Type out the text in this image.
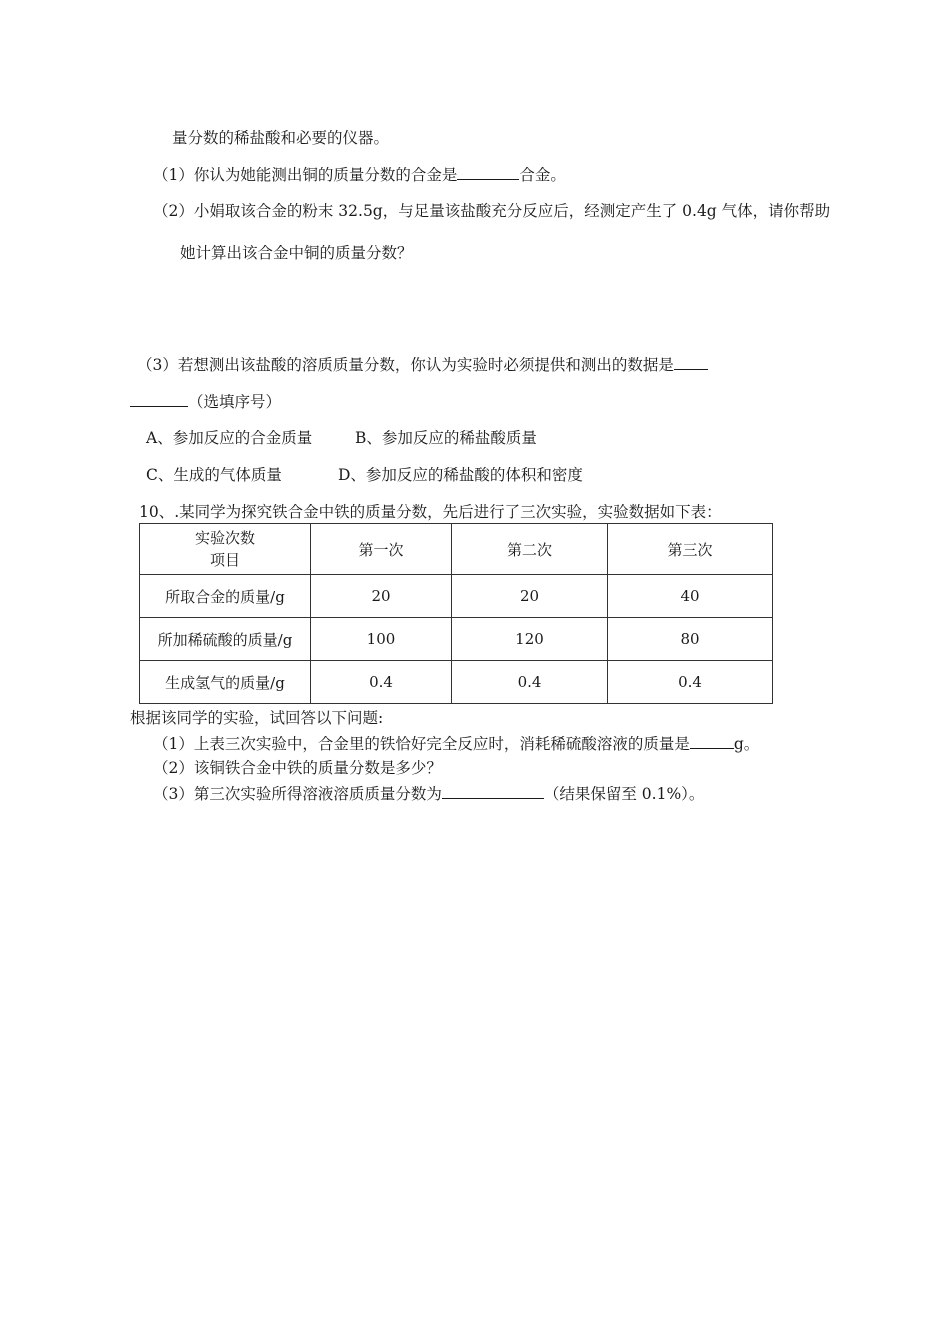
量分数的稀盐酸和必要的仪器。
（1）你认为她能测出铜的质量分数的合金是	合金。
（2）小娟取该合金的粉末 32.5g，与足量该盐酸充分反应后，经测定产生了 0.4g 气体，请你帮助
她计算出该合金中铜的质量分数？
（3）若想测出该盐酸的溶质质量分数，你认为实验时必须提供和测出的数据是
（选填序号）
A、参加反应的合金质量	B、参加反应的稀盐酸质量
C、生成的气体质量	D、参加反应的稀盐酸的体积和密度
10、.某同学为探究铁合金中铁的质量分数，先后进行了三次实验，实验数据如下表：
实验次数
项目	第一次	第二次	第三次
所取合金的质量/g	20	20	40
所加稀硫酸的质量/g	100	120	80
生成氢气的质量/g	0.4	0.4	0.4
根据该同学的实验，试回答以下问题:
（1）上表三次实验中，合金里的铁恰好完全反应时，消耗稀硫酸溶液的质量是	g。
（2）该铜铁合金中铁的质量分数是多少？
（3）第三次实验所得溶液溶质质量分数为	（结果保留至 0.1%）。
